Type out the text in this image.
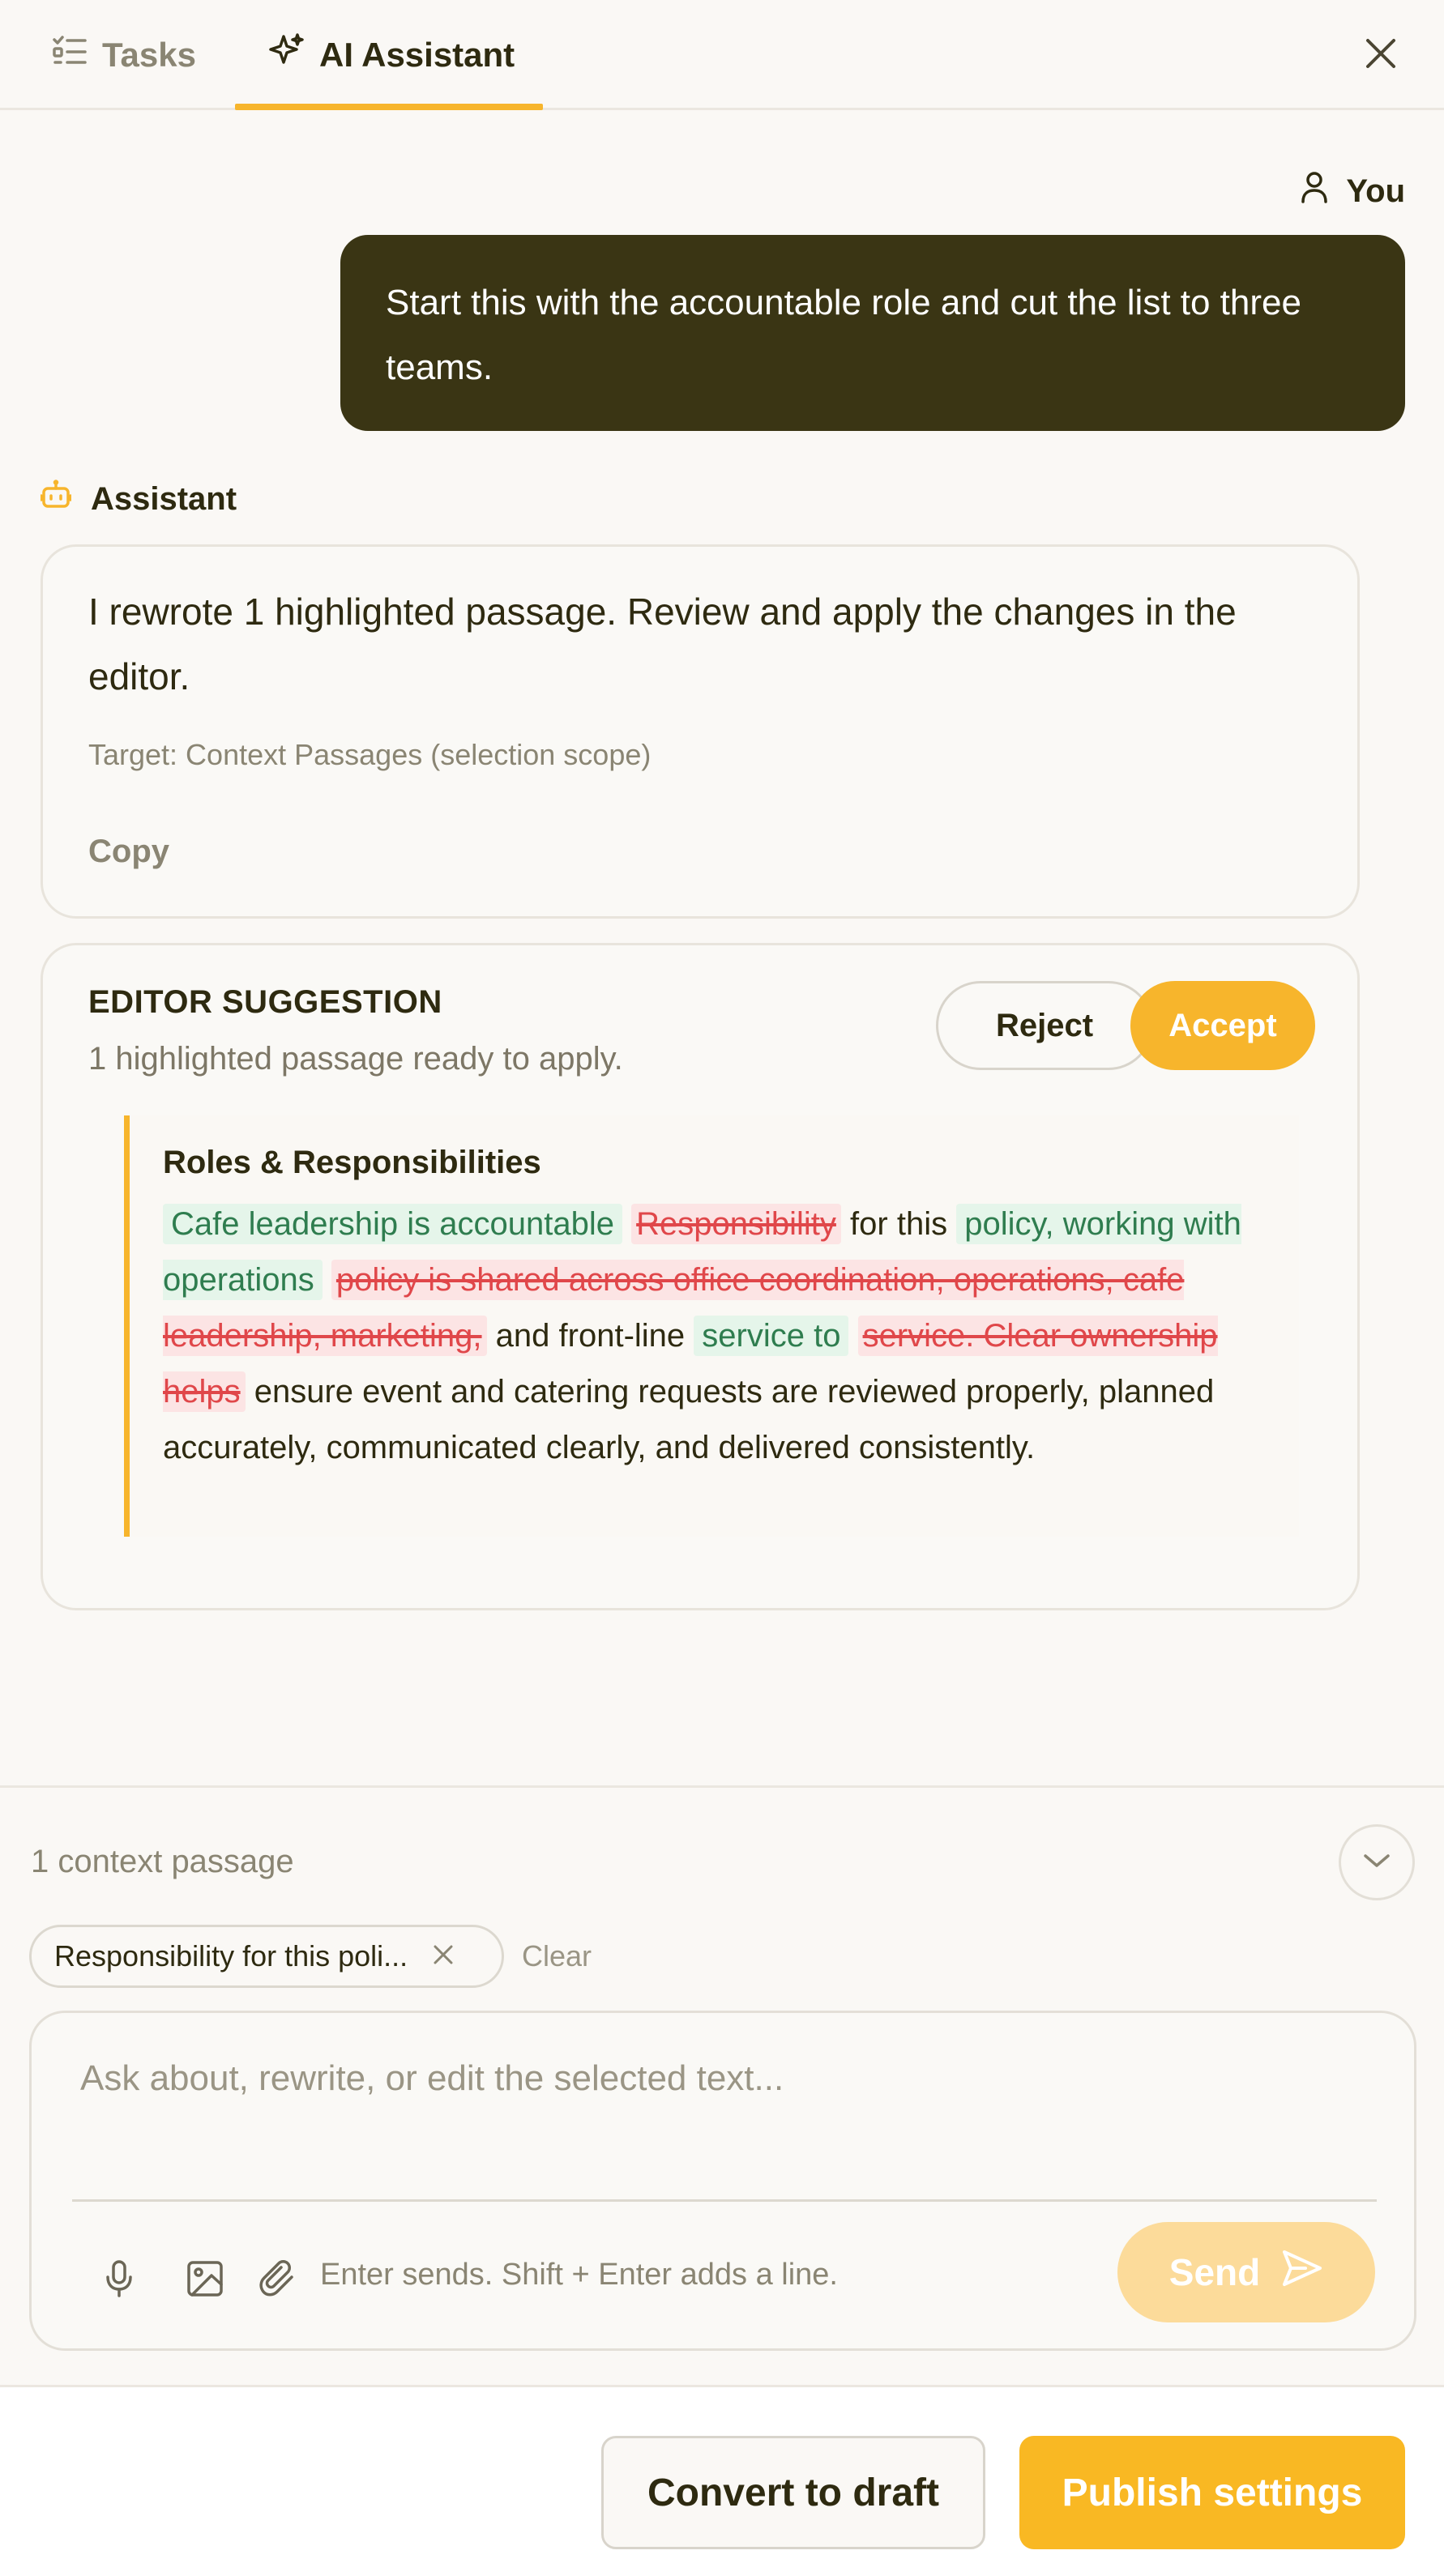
Tasks	AI Assistant
You
Start this with the accountable role and cut the list to three teams.
Assistant
I rewrote 1 highlighted passage. Review and apply the changes in the editor.
Target: Context Passages (selection scope)
Copy
EDITOR SUGGESTION
1 highlighted passage ready to apply.
Reject	Accept
Roles & Responsibilities
Cafe leadership is accountable Responsibility for this policy, working with operations policy is shared across office coordination, operations, cafe leadership, marketing, and front-line service to service. Clear ownership helps ensure event and catering requests are reviewed properly, planned accurately, communicated clearly, and delivered consistently.
1 context passage
Responsibility for this poli...	Clear
Ask about, rewrite, or edit the selected text...
Enter sends. Shift + Enter adds a line.	Send
Convert to draft	Publish settings
